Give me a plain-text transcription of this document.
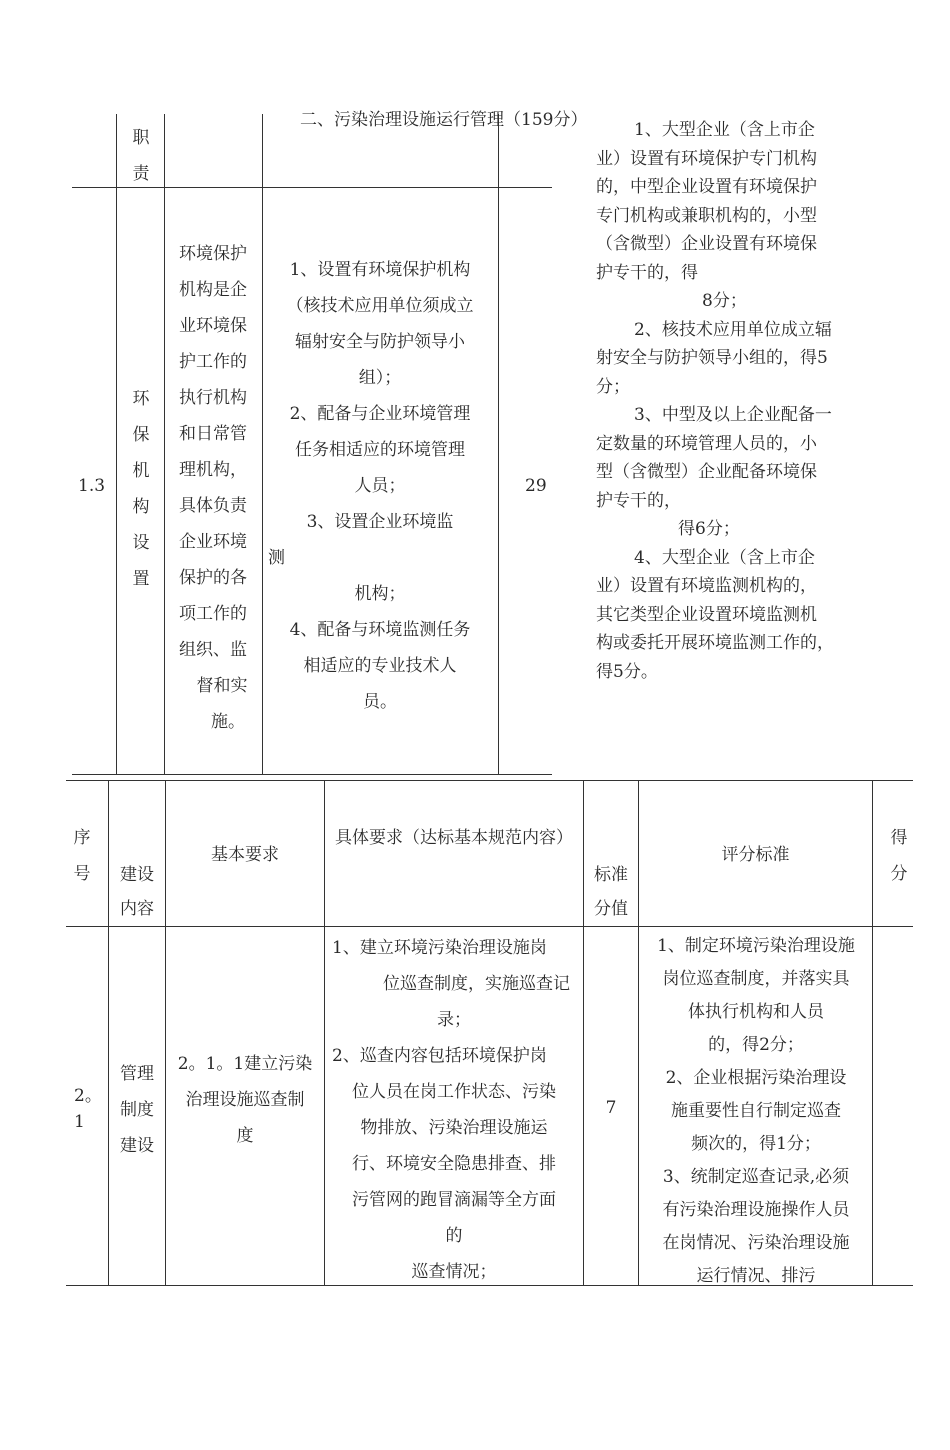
二、污染治理设施运行管理（159分）
职责
1.3
环保机构设置
环境保护
机构是企
业环境保
护工作的
执行机构
和日常管
理机构，
具体负责
企业环境
保护的各
项工作的
组织、监
督和实
施。
1、设置有环境保护机构
（核技术应用单位须成立
辐射安全与防护领导小
组）；
2、配备与企业环境管理
任务相适应的环境管理
人员；
3、设置企业环境监
测
机构；
4、配备与环境监测任务
相适应的专业技术人
员。
29
1、大型企业（含上市企
业）设置有环境保护专门机构
的，中型企业设置有环境保护
专门机构或兼职机构的，小型
（含微型）企业设置有环境保
护专干的，得
8分；
2、核技术应用单位成立辐
射安全与防护领导小组的，得5
分；
3、中型及以上企业配备一
定数量的环境管理人员的，小
型（含微型）企业配备环境保
护专干的，
得6分；
4、大型企业（含上市企
业）设置有环境监测机构的，
其它类型企业设置环境监测机
构或委托开展环境监测工作的，
得5分。
序号 建设内容
基本要求
具体要求（达标基本规范内容）
标准分值
评分标准
得分
2。1
管理制度建设
2。1。1建立污染
治理设施巡查制
度
1、建立环境污染治理设施岗
位巡查制度，实施巡查记
录；
2、巡查内容包括环境保护岗
位人员在岗工作状态、污染
物排放、污染治理设施运
行、环境安全隐患排查、排
污管网的跑冒滴漏等全方面
的
巡查情况；
7
1、制定环境污染治理设施
岗位巡查制度，并落实具
体执行机构和人员
的，得2分；
2、企业根据污染治理设
施重要性自行制定巡查
频次的，得1分；
3、统制定巡查记录,必须
有污染治理设施操作人员
在岗情况、污染治理设施
运行情况、排污
